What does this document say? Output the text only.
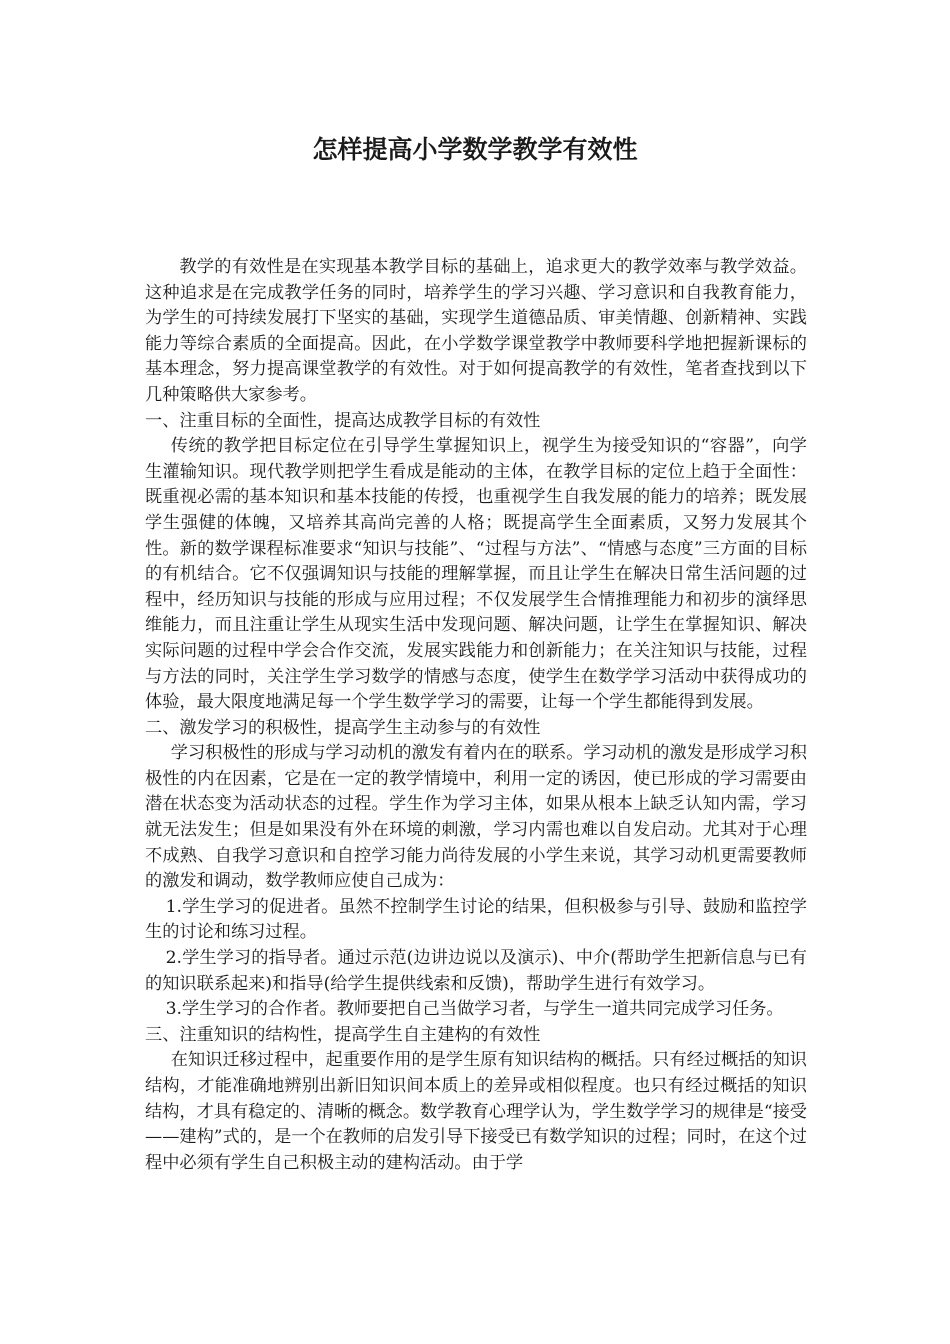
怎样提高小学数学教学有效性

教学的有效性是在实现基本教学目标的基础上，追求更大的教学效率与教学效益。这种追求是在完成教学任务的同时，培养学生的学习兴趣、学习意识和自我教育能力，为学生的可持续发展打下坚实的基础，实现学生道德品质、审美情趣、创新精神、实践能力等综合素质的全面提高。因此，在小学数学课堂教学中教师要科学地把握新课标的基本理念，努力提高课堂教学的有效性。对于如何提高教学的有效性，笔者查找到以下几种策略供大家参考。

一、注重目标的全面性，提高达成教学目标的有效性

传统的教学把目标定位在引导学生掌握知识上，视学生为接受知识的“容器”，向学生灌输知识。现代教学则把学生看成是能动的主体，在教学目标的定位上趋于全面性：既重视必需的基本知识和基本技能的传授，也重视学生自我发展的能力的培养；既发展学生强健的体魄，又培养其高尚完善的人格；既提高学生全面素质，又努力发展其个性。新的数学课程标准要求“知识与技能”、“过程与方法”、“情感与态度”三方面的目标的有机结合。它不仅强调知识与技能的理解掌握，而且让学生在解决日常生活问题的过程中，经历知识与技能的形成与应用过程；不仅发展学生合情推理能力和初步的演绎思维能力，而且注重让学生从现实生活中发现问题、解决问题，让学生在掌握知识、解决实际问题的过程中学会合作交流，发展实践能力和创新能力；在关注知识与技能，过程与方法的同时，关注学生学习数学的情感与态度，使学生在数学学习活动中获得成功的体验，最大限度地满足每一个学生数学学习的需要，让每一个学生都能得到发展。

二、激发学习的积极性，提高学生主动参与的有效性

学习积极性的形成与学习动机的激发有着内在的联系。学习动机的激发是形成学习积极性的内在因素，它是在一定的教学情境中，利用一定的诱因，使已形成的学习需要由潜在状态变为活动状态的过程。学生作为学习主体，如果从根本上缺乏认知内需，学习就无法发生；但是如果没有外在环境的刺激，学习内需也难以自发启动。尤其对于心理不成熟、自我学习意识和自控学习能力尚待发展的小学生来说，其学习动机更需要教师的激发和调动，数学教师应使自己成为：

1.学生学习的促进者。虽然不控制学生讨论的结果，但积极参与引导、鼓励和监控学生的讨论和练习过程。

2.学生学习的指导者。通过示范(边讲边说以及演示)、中介(帮助学生把新信息与已有的知识联系起来)和指导(给学生提供线索和反馈)，帮助学生进行有效学习。

3.学生学习的合作者。教师要把自己当做学习者，与学生一道共同完成学习任务。

三、注重知识的结构性，提高学生自主建构的有效性

在知识迁移过程中，起重要作用的是学生原有知识结构的概括。只有经过概括的知识结构，才能准确地辨别出新旧知识间本质上的差异或相似程度。也只有经过概括的知识结构，才具有稳定的、清晰的概念。数学教育心理学认为，学生数学学习的规律是“接受——建构”式的，是一个在教师的启发引导下接受已有数学知识的过程；同时，在这个过程中必须有学生自己积极主动的建构活动。由于学
